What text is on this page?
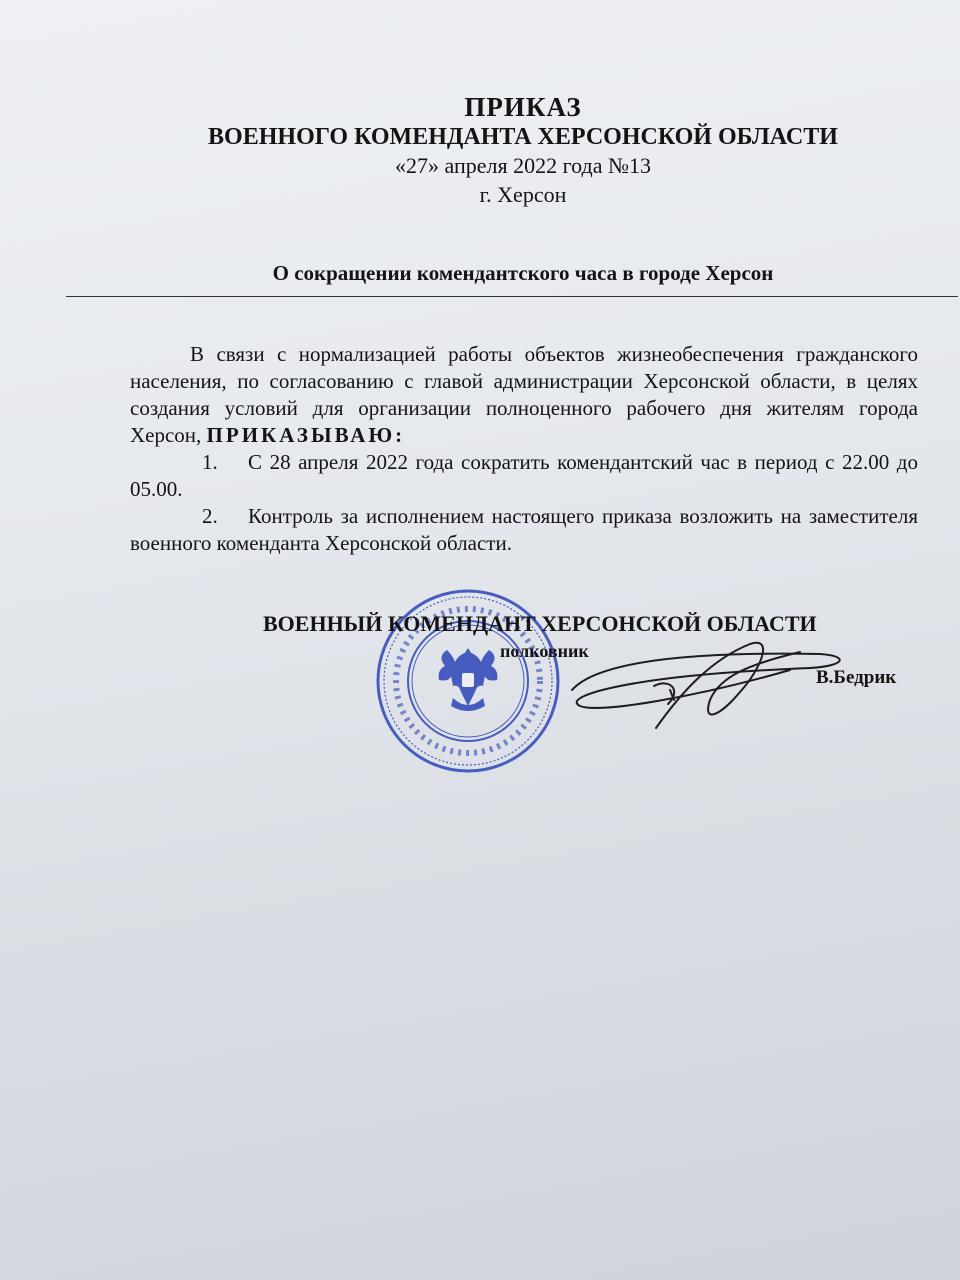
ПРИКАЗ
ВОЕННОГО КОМЕНДАНТА ХЕРСОНСКОЙ ОБЛАСТИ
«27» апреля 2022 года №13
г. Херсон
О сокращении комендантского часа в городе Херсон

В связи с нормализацией работы объектов жизнеобеспечения гражданского населения, по согласованию с главой администрации Херсонской области, в целях создания условий для организации полноценного рабочего дня жителям города Херсон, ПРИКАЗЫВАЮ:

1. С 28 апреля 2022 года сократить комендантский час в период с 22.00 до 05.00.

2. Контроль за исполнением настоящего приказа возложить на заместителя военного коменданта Херсонской области.

ВОЕННЫЙ КОМЕНДАНТ ХЕРСОНСКОЙ ОБЛАСТИ
полковник
В.Бедрик
